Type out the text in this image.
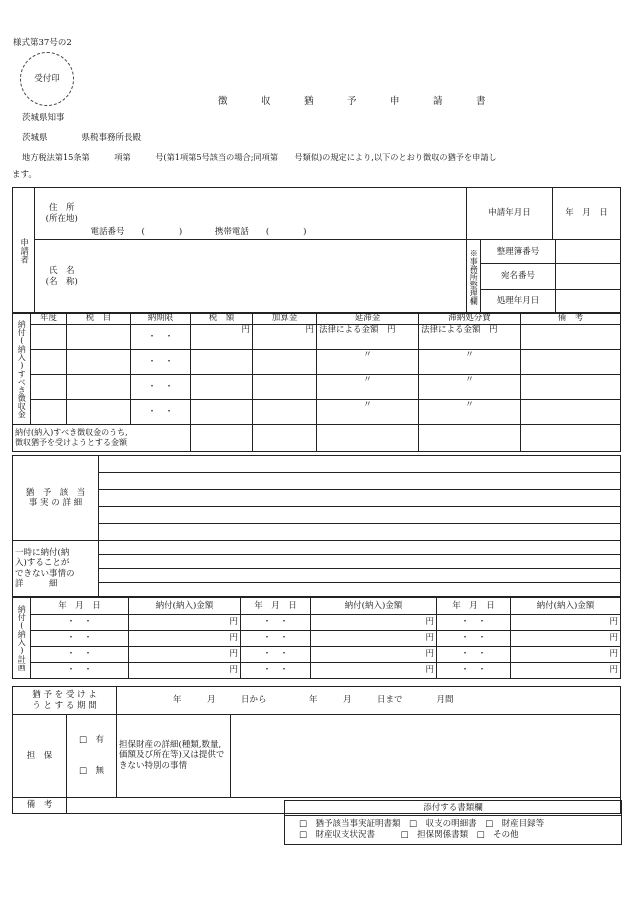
様式第37号の2
受付印
徴　収　猶　予　申　請　書
茨城県知事
茨城県　　　　県税事務所長殿
地方税法第15条第　　　項第　　　号(第1項第5号該当の場合;同項第　　号類似)の規定により,以下のとおり徴収の猶予を申請し
ます。
申請者	住　所
(所在地)	電話番号　　(　　　　)	携帯電話　　(　　　　)	申請年月日	年　月　日
氏　名
(名　称)		※事務所整理欄	整理簿番号	
宛名番号	
処理年月日	
納付(納入)すべき徴収金	年度	税　目	納期限	税　額	加算金	延滞金	滞納処分費	備　考
			・　・	円	円	法律による金額　円	法律による金額　円	
			・　・			〃	〃	
			・　・			〃	〃	
			・　・			〃	〃	
納付(納入)すべき徴収金のうち,
徴収猶予を受けようとする金額								
猶　予　該　当
事 実 の 詳 細	

一時に納付(納
入)することが
できない事情の
詳　　　細	

納付(納入)計画	年　月　日	納付(納入)金額	年　月　日	納付(納入)金額	年　月　日	納付(納入)金額
	・　・	円	・　・	円	・　・	円
	・　・	円	・　・	円	・　・	円
	・　・	円	・　・	円	・　・	円
	・　・	円	・　・	円	・　・	円
猶 予 を 受 け よ
う と す る 期 間		年　　　月　　　日から　　　　　年　　　月　　　日まで　　　　月間	
担　保	□　有

□　無	担保財産の詳細(種類,数量,価額及び所在等)又は提供できない特別の事情	
備　考				添付する書類欄
□　猶予該当事実証明書類　□　収支の明細書　□　財産目録等
□　財産収支状況書　　　□　担保関係書類　□　その他
